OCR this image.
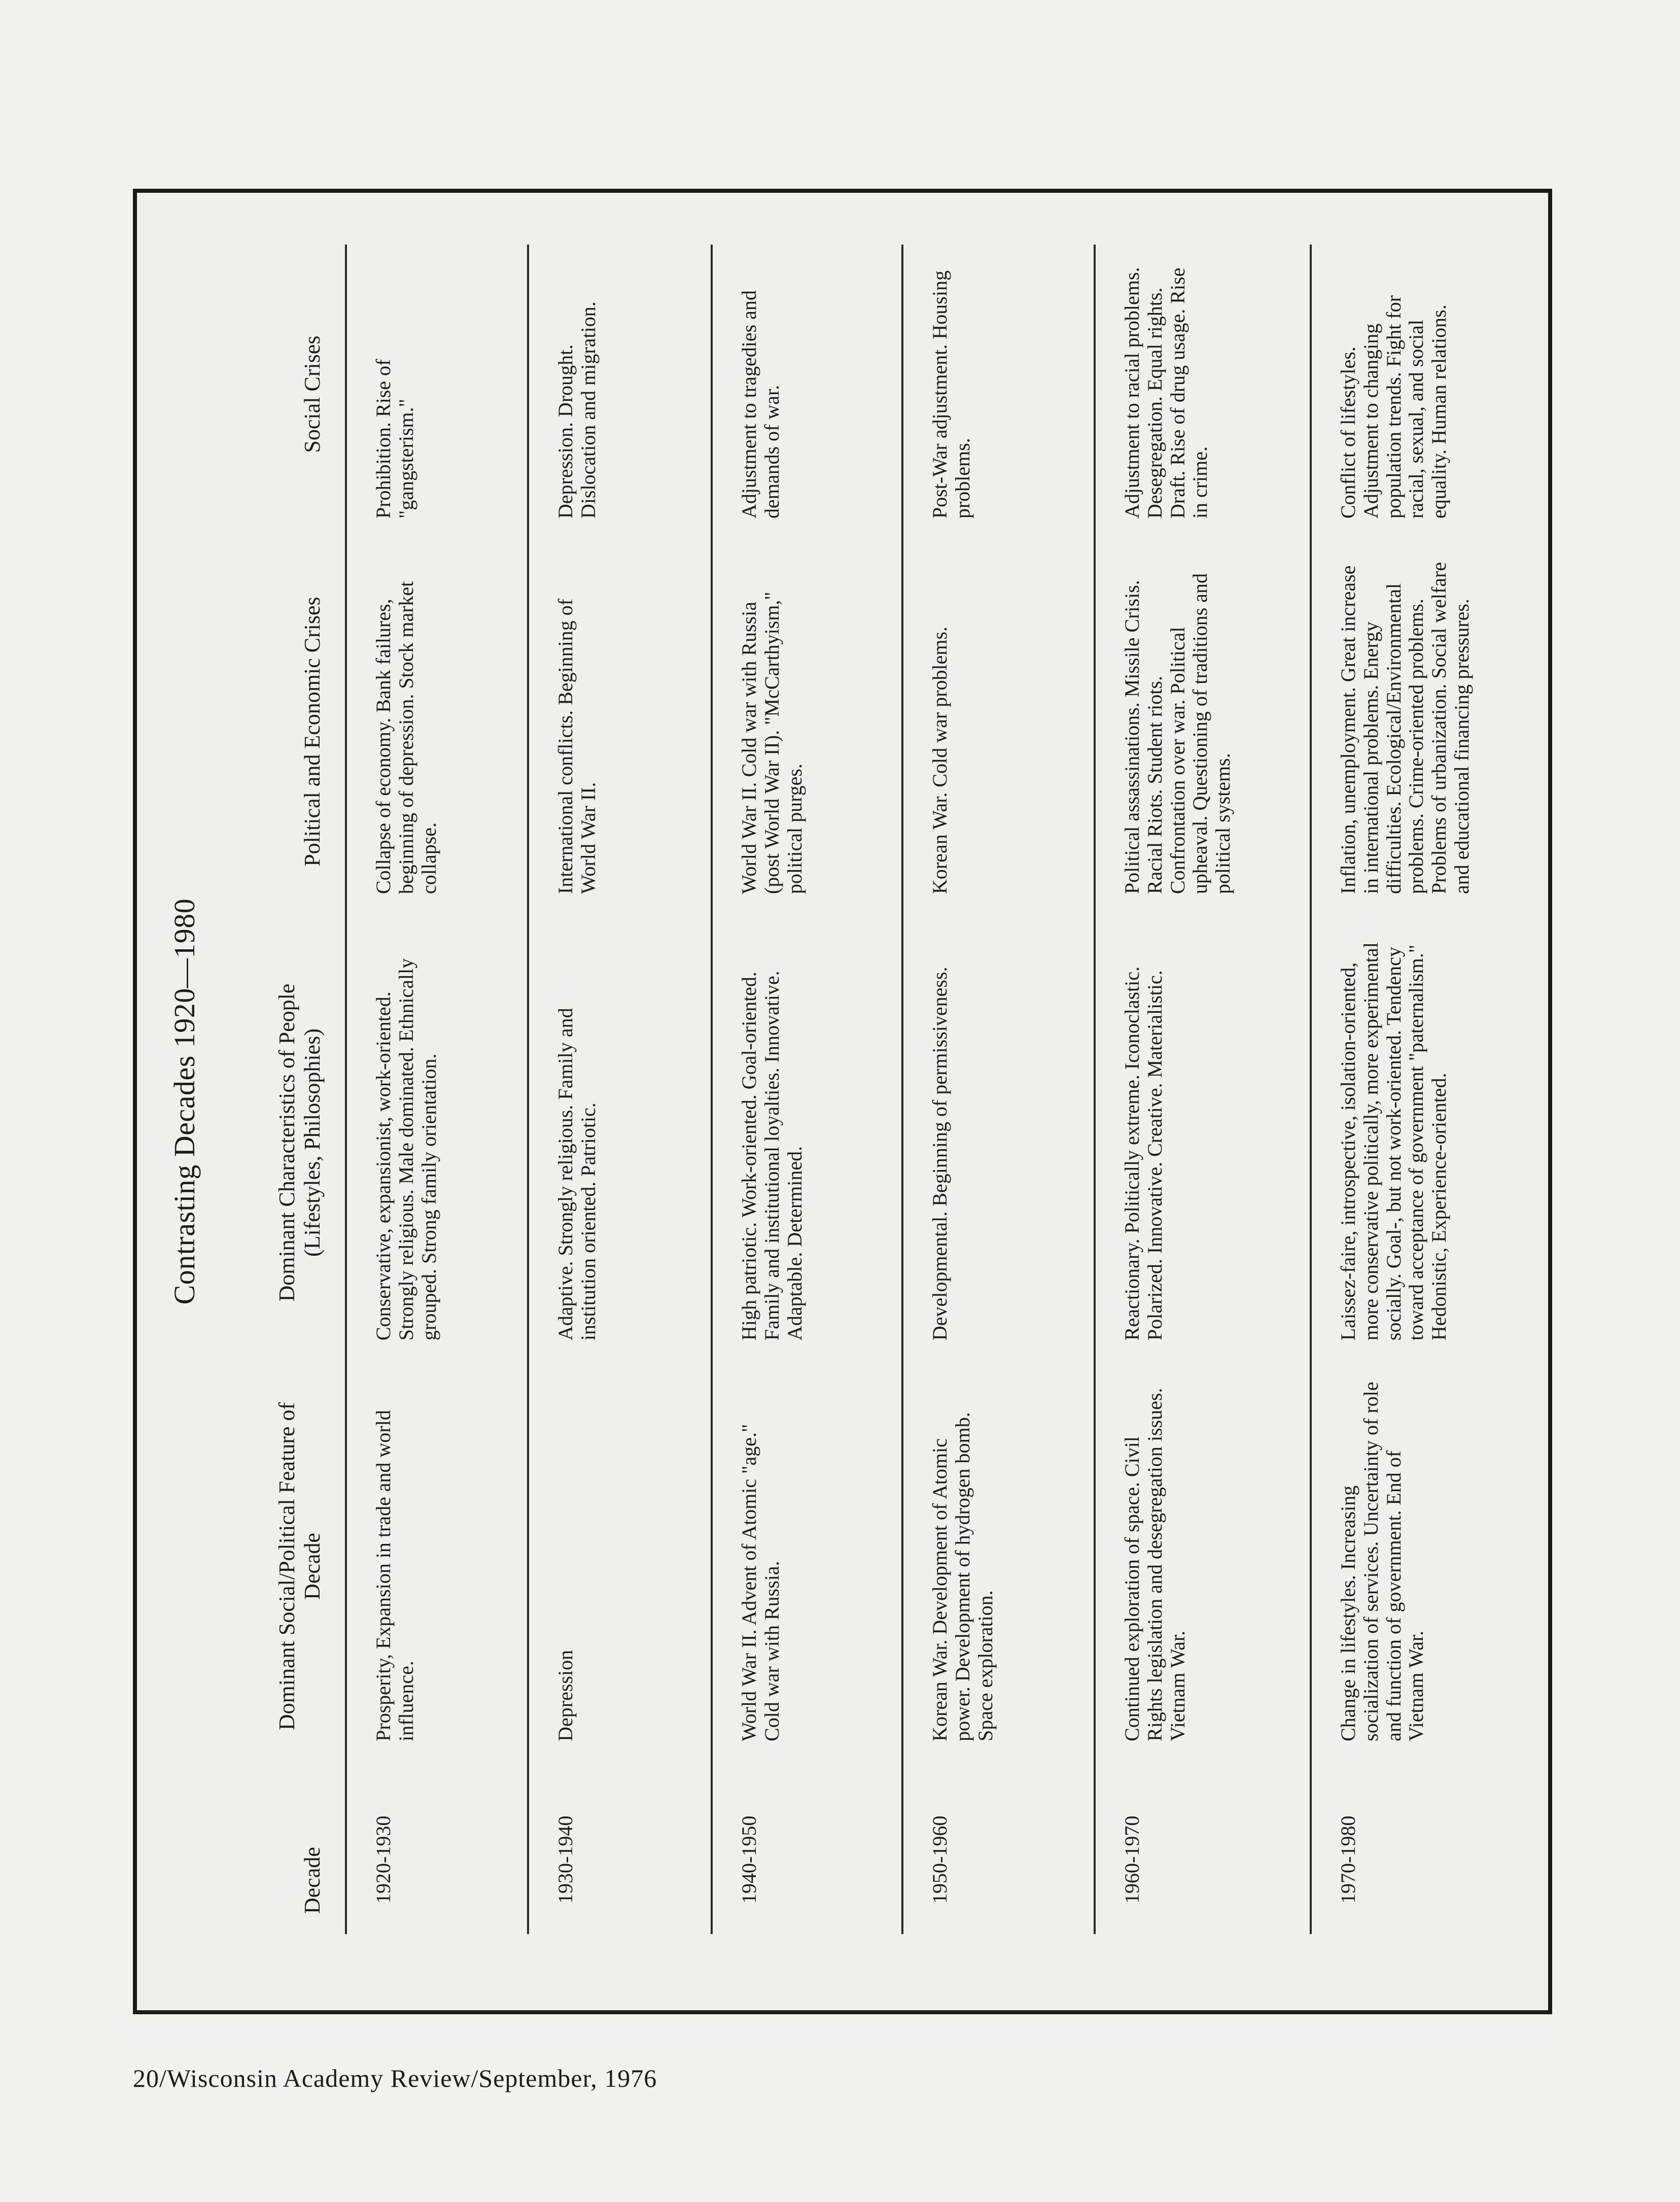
Contrasting Decades 1920—1980
Decade
Dominant Social/Political Feature of Decade
Dominant Characteristics of People (Lifestyles, Philosophies)
Political and Economic Crises
Social Crises
1920-1930
Prosperity, Expansion in trade and world influence.
Conservative, expansionist, work-oriented. Strongly religious. Male dominated. Ethnically grouped. Strong family orientation.
Collapse of economy. Bank failures, beginning of depression. Stock market collapse.
Prohibition. Rise of "gangsterism."
1930-1940
Depression
Adaptive. Strongly religious. Family and institution oriented. Patriotic.
International conflicts. Beginning of World War II.
Depression. Drought. Dislocation and migration.
1940-1950
World War II. Advent of Atomic "age." Cold war with Russia.
High patriotic. Work-oriented. Goal-oriented. Family and institutional loyalties. Innovative. Adaptable. Determined.
World War II. Cold war with Russia (post World War II). "McCarthyism," political purges.
Adjustment to tragedies and demands of war.
1950-1960
Korean War. Development of Atomic power. Development of hydrogen bomb. Space exploration.
Developmental. Beginning of permissiveness.
Korean War. Cold war problems.
Post-War adjustment. Housing problems.
1960-1970
Continued exploration of space. Civil Rights legislation and desegregation issues. Vietnam War.
Reactionary. Politically extreme. Iconoclastic. Polarized. Innovative. Creative. Materialistic.
Political assassinations. Missile Crisis. Racial Riots. Student riots. Confrontation over war. Political upheaval. Questioning of traditions and political systems.
Adjustment to racial problems. Desegregation. Equal rights. Draft. Rise of drug usage. Rise in crime.
1970-1980
Change in lifestyles. Increasing socialization of services. Uncertainty of role and function of government. End of Vietnam War.
Laissez-faire, introspective, isolation-oriented, more conservative politically, more experimental socially. Goal-, but not work-oriented. Tendency toward acceptance of government "paternalism." Hedonistic, Experience-oriented.
Inflation, unemployment. Great increase in international problems. Energy difficulties. Ecological/Environmental problems. Crime-oriented problems. Problems of urbanization. Social welfare and educational financing pressures.
Conflict of lifestyles. Adjustment to changing population trends. Fight for racial, sexual, and social equality. Human relations.
20/Wisconsin Academy Review/September, 1976
